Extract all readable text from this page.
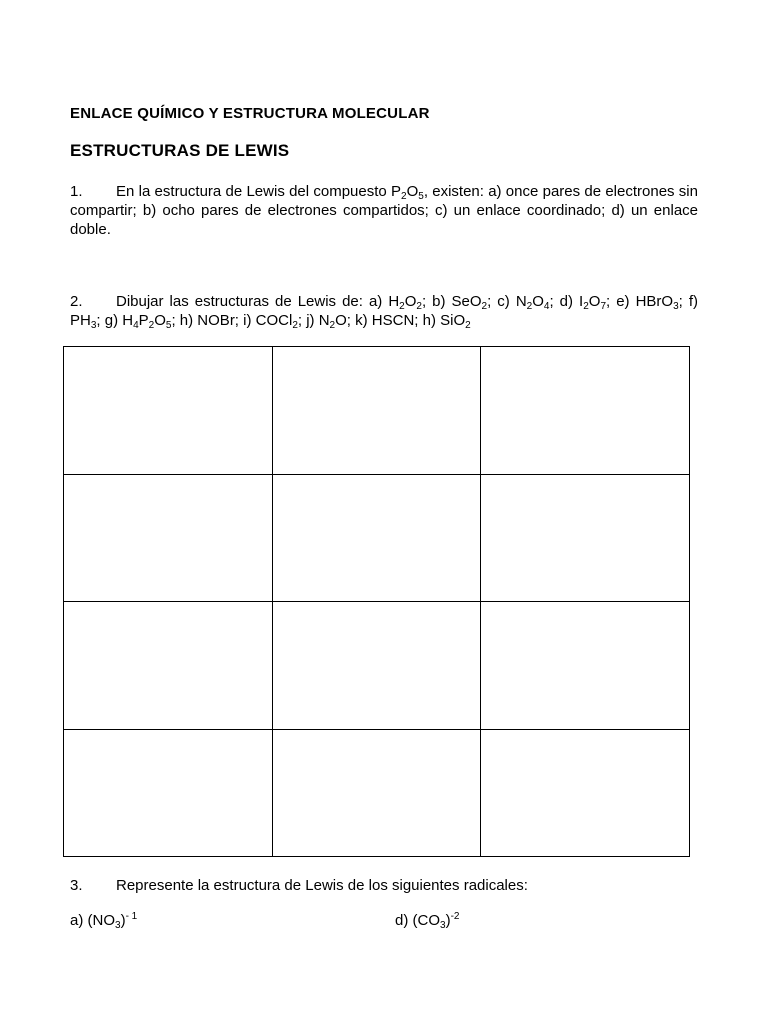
ENLACE QUÍMICO Y ESTRUCTURA MOLECULAR
ESTRUCTURAS DE LEWIS
1. En la estructura de Lewis del compuesto $P_2O_5$, existen: a) once pares de electrones sin compartir; b) ocho pares de electrones compartidos; c) un enlace coordinado; d) un enlace doble.
2. Dibujar las estructuras de Lewis de: a) $H_2O_2$; b) SeO$_2$; c) $N_2O_4$; d) $I_2O_7$; e) HBrO$_3$; f) $PH_3$; g) $H_4P_2O_5$; h) NOBr; i) COCl$_2$; j) $N_2O$; k) HSCN; h) SiO$_2$

3. Represente la estructura de Lewis de los siguientes radicales:
a) $(NO_3)^{- 1}$	d) $(CO_3)^{-2}$
